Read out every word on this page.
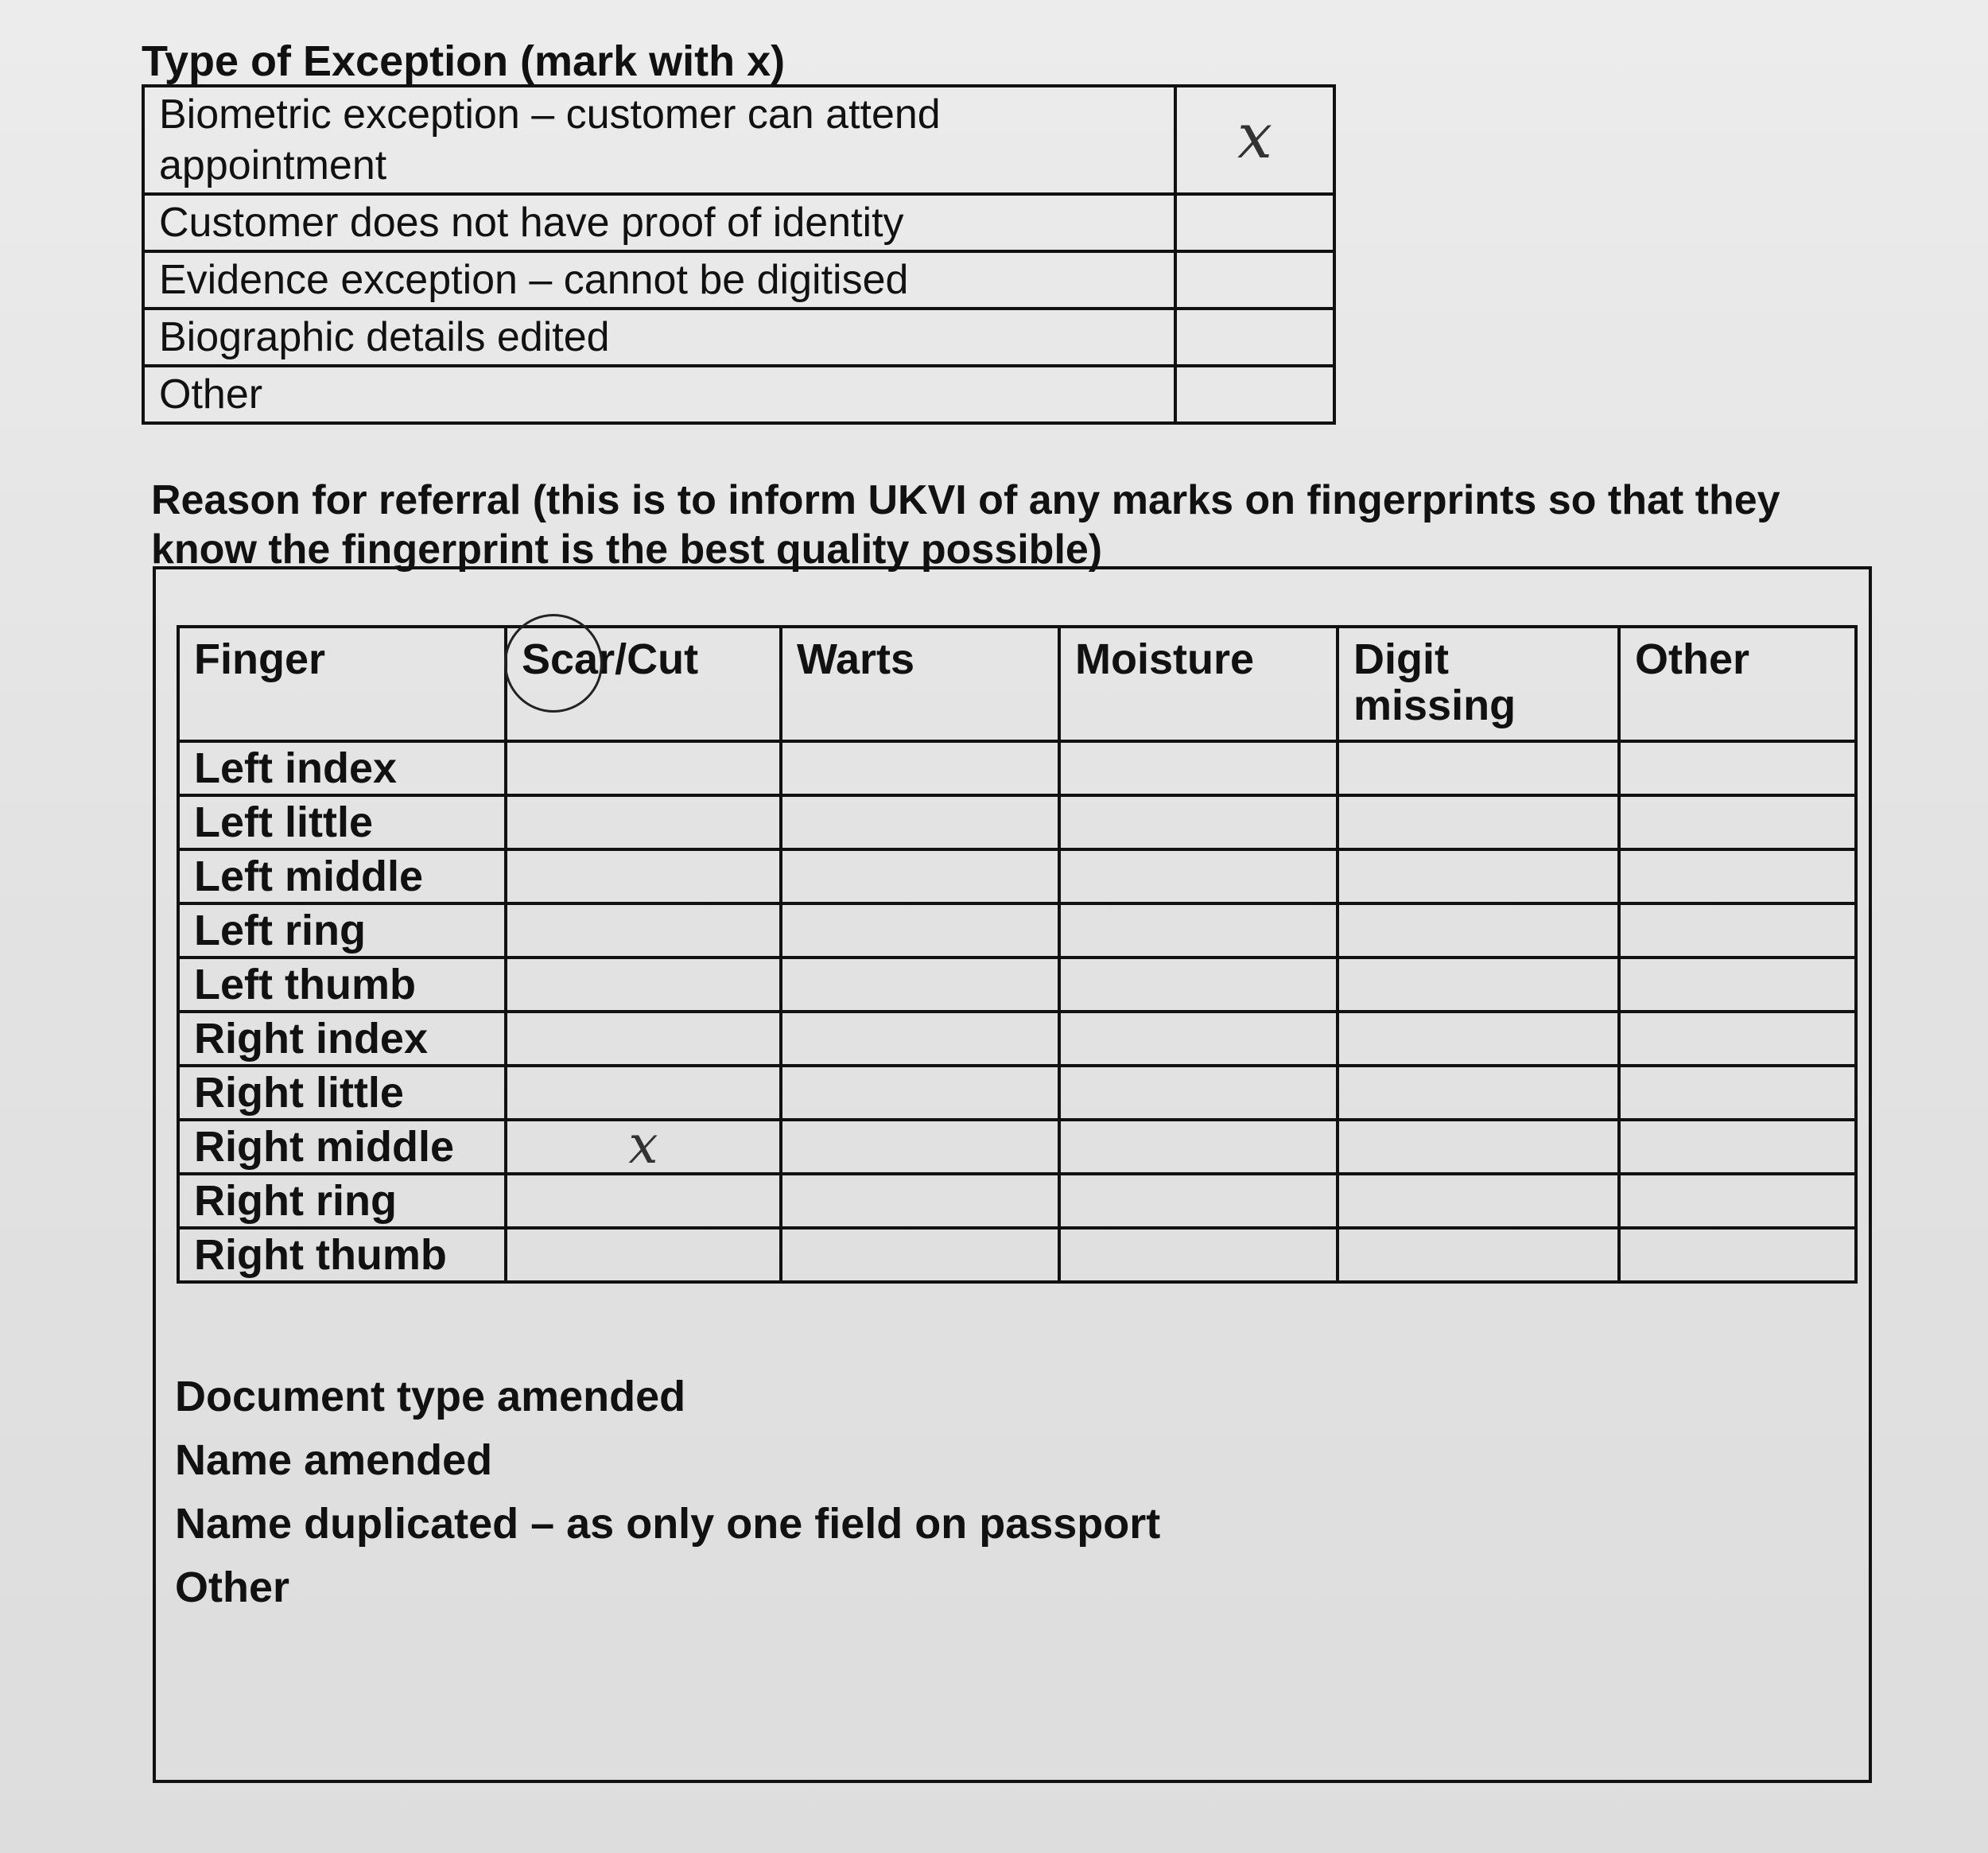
Type of Exception (mark with x)
Biometric exception – customer can attend appointment	x
Customer does not have proof of identity	
Evidence exception – cannot be digitised	
Biographic details edited	
Other	
Reason for referral (this is to inform UKVI of any marks on fingerprints so that they know the fingerprint is the best quality possible)
Finger	Scar/Cut	Warts	Moisture	Digit missing	Other
Left index					
Left little					
Left middle					
Left ring					
Left thumb					
Right index					
Right little					
Right middle	x				
Right ring					
Right thumb					

Document type amended

Name amended

Name duplicated – as only one field on passport

Other
